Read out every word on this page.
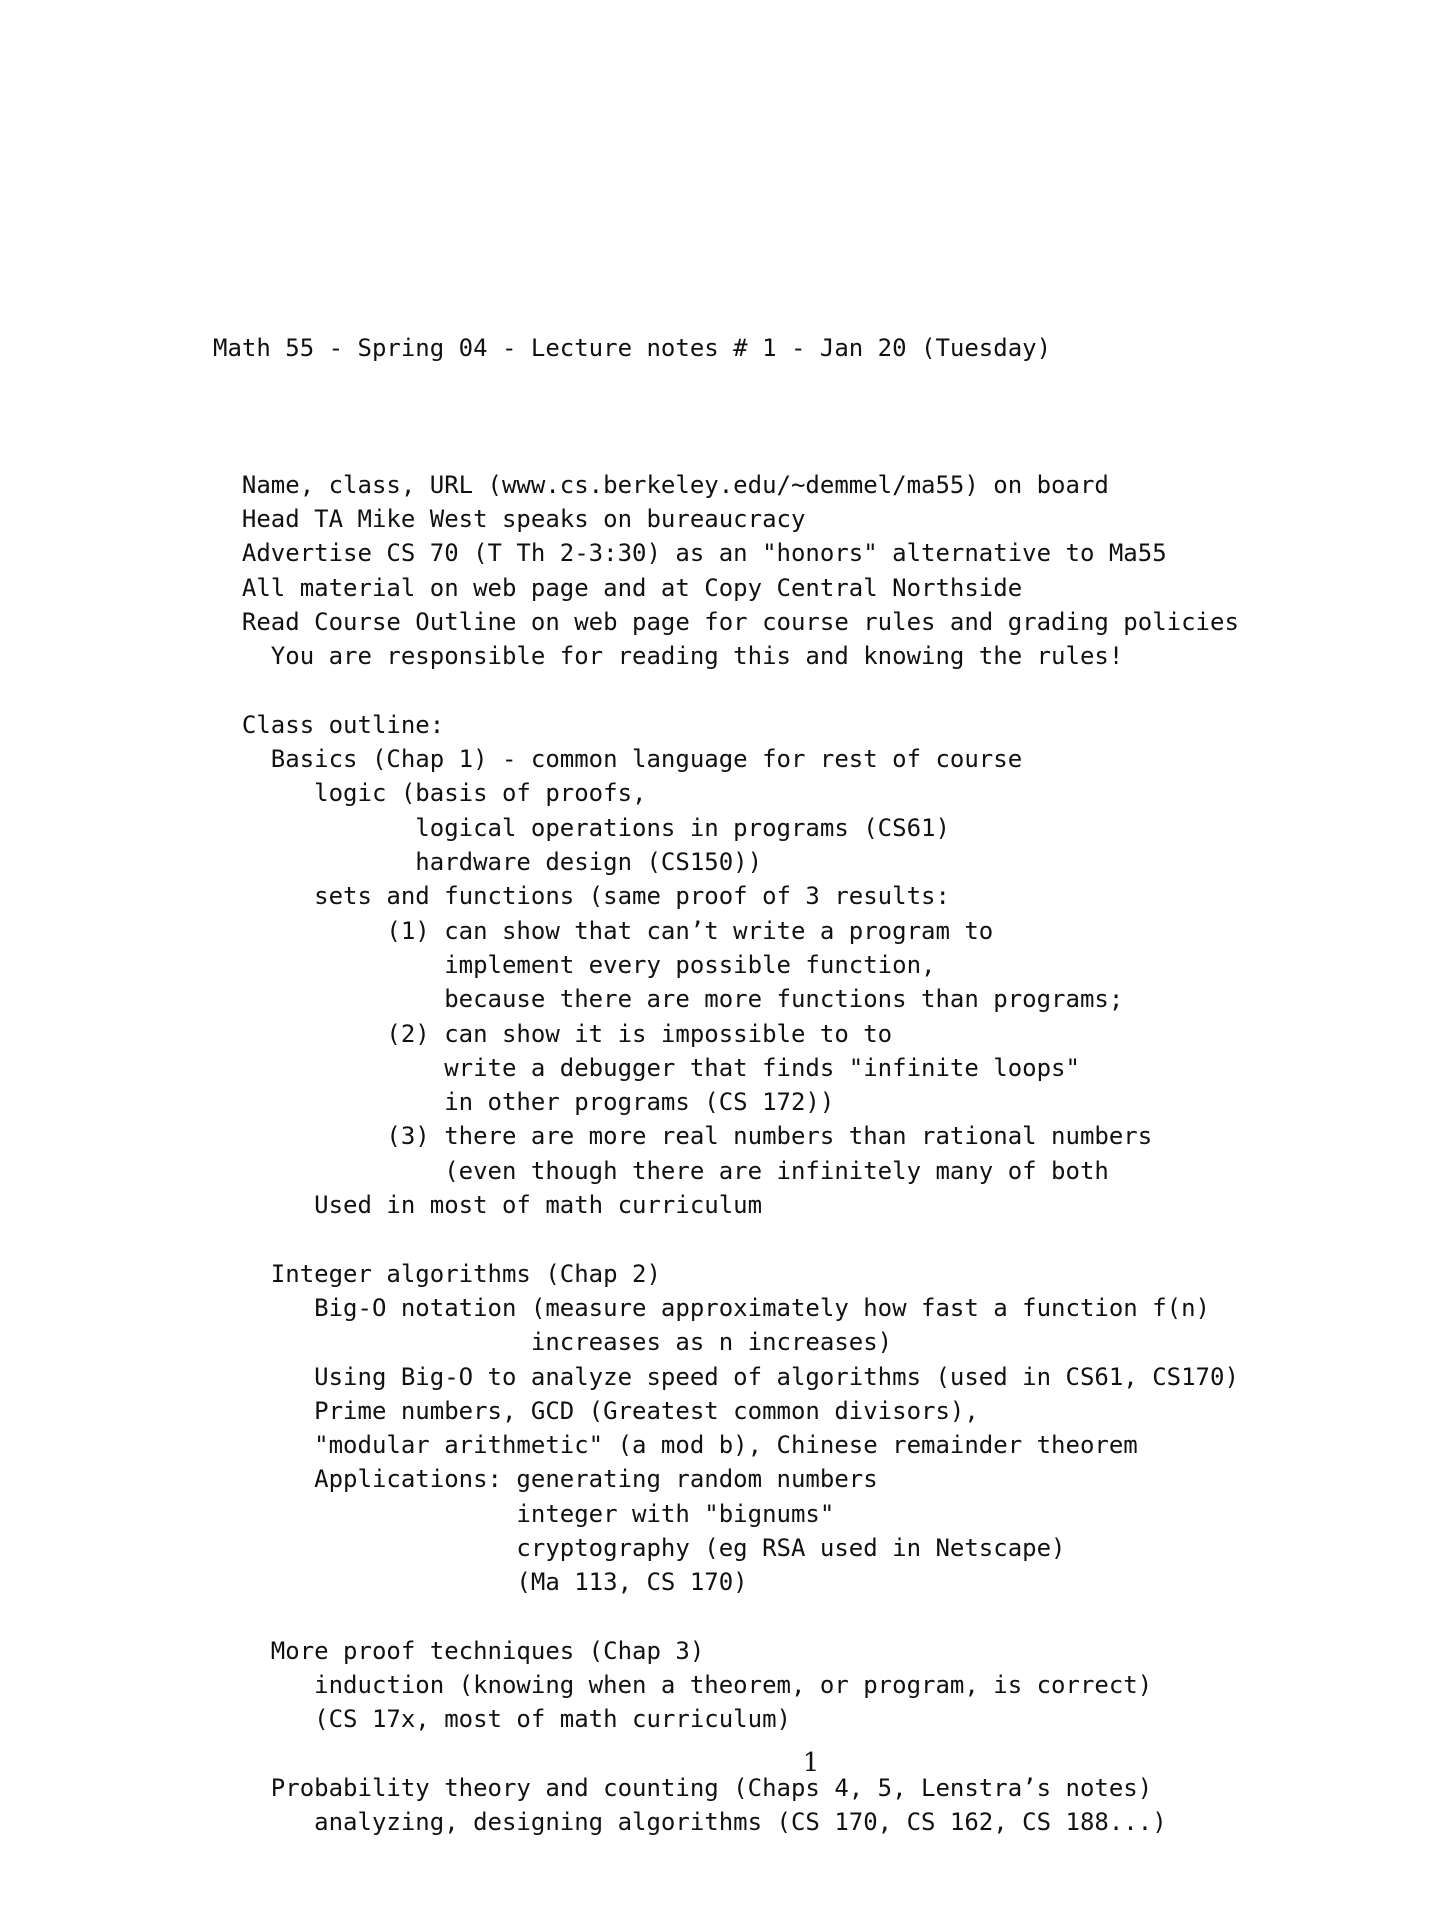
Math 55 - Spring 04 - Lecture notes # 1 - Jan 20 (Tuesday)

Name, class, URL (www.cs.berkeley.edu/~demmel/ma55) on board
Head TA Mike West speaks on bureaucracy
Advertise CS 70 (T Th 2-3:30) as an "honors" alternative to Ma55
All material on web page and at Copy Central Northside
Read Course Outline on web page for course rules and grading policies
You are responsible for reading this and knowing the rules!
Class outline:
Basics (Chap 1) - common language for rest of course
logic (basis of proofs,
logical operations in programs (CS61)
hardware design (CS150))
sets and functions (same proof of 3 results:
(1) can show that can’t write a program to
implement every possible function,
because there are more functions than programs;
(2) can show it is impossible to to
write a debugger that finds "infinite loops"
in other programs (CS 172))
(3) there are more real numbers than rational numbers
(even though there are infinitely many of both
Used in most of math curriculum
Integer algorithms (Chap 2)
Big-O notation (measure approximately how fast a function f(n)
increases as n increases)
Using Big-O to analyze speed of algorithms (used in CS61, CS170)
Prime numbers, GCD (Greatest common divisors),
"modular arithmetic" (a mod b), Chinese remainder theorem
Applications: generating random numbers
integer with "bignums"
cryptography (eg RSA used in Netscape)
(Ma 113, CS 170)
More proof techniques (Chap 3)
induction (knowing when a theorem, or program, is correct)
(CS 17x, most of math curriculum)
Probability theory and counting (Chaps 4, 5, Lenstra’s notes)
analyzing, designing algorithms (CS 170, CS 162, CS 188...)

1
